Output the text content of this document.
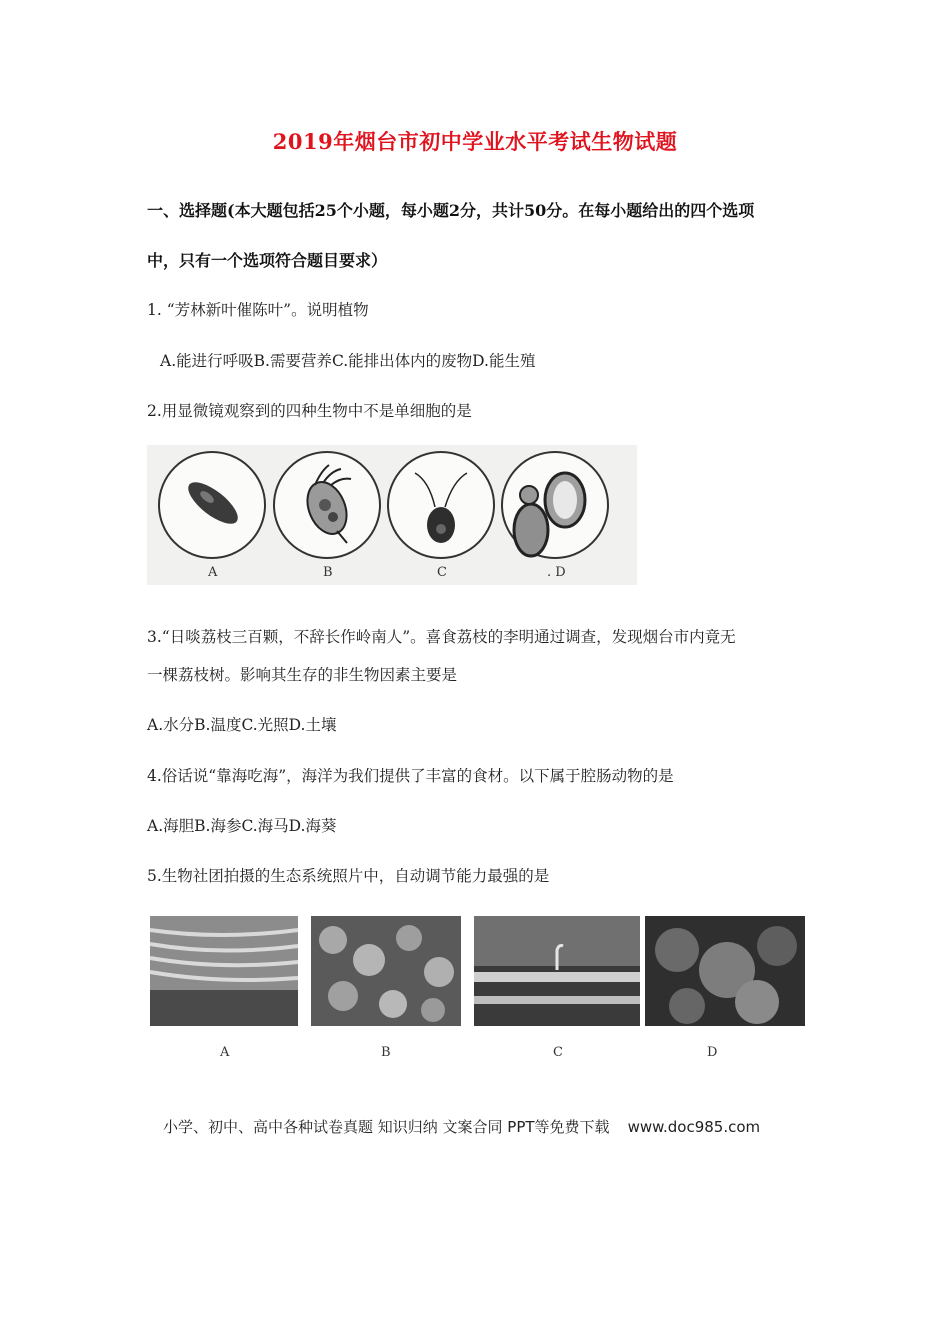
2019年烟台市初中学业水平考试生物试题
一、选择题(本大题包括25个小题，每小题2分，共计50分。在每小题给出的四个选项
中，只有一个选项符合题目要求）
1. “芳林新叶催陈叶”。说明植物
A.能进行呼吸B.需要营养C.能排出体内的废物D.能生殖
2.用显微镜观察到的四种生物中不是单细胞的是
A	B	C	. D
3.“日啖荔枝三百颗，不辞长作岭南人”。喜食荔枝的李明通过调查，发现烟台市内竟无
一棵荔枝树。影响其生存的非生物因素主要是
A.水分B.温度C.光照D.土壤
4.俗话说“靠海吃海”，海洋为我们提供了丰富的食材。以下属于腔肠动物的是
A.海胆B.海参C.海马D.海葵
5.生物社团拍摄的生态系统照片中，自动调节能力最强的是
A	B	C	D
小学、初中、高中各种试卷真题 知识归纳 文案合同 PPT等免费下载 www.doc985.com
